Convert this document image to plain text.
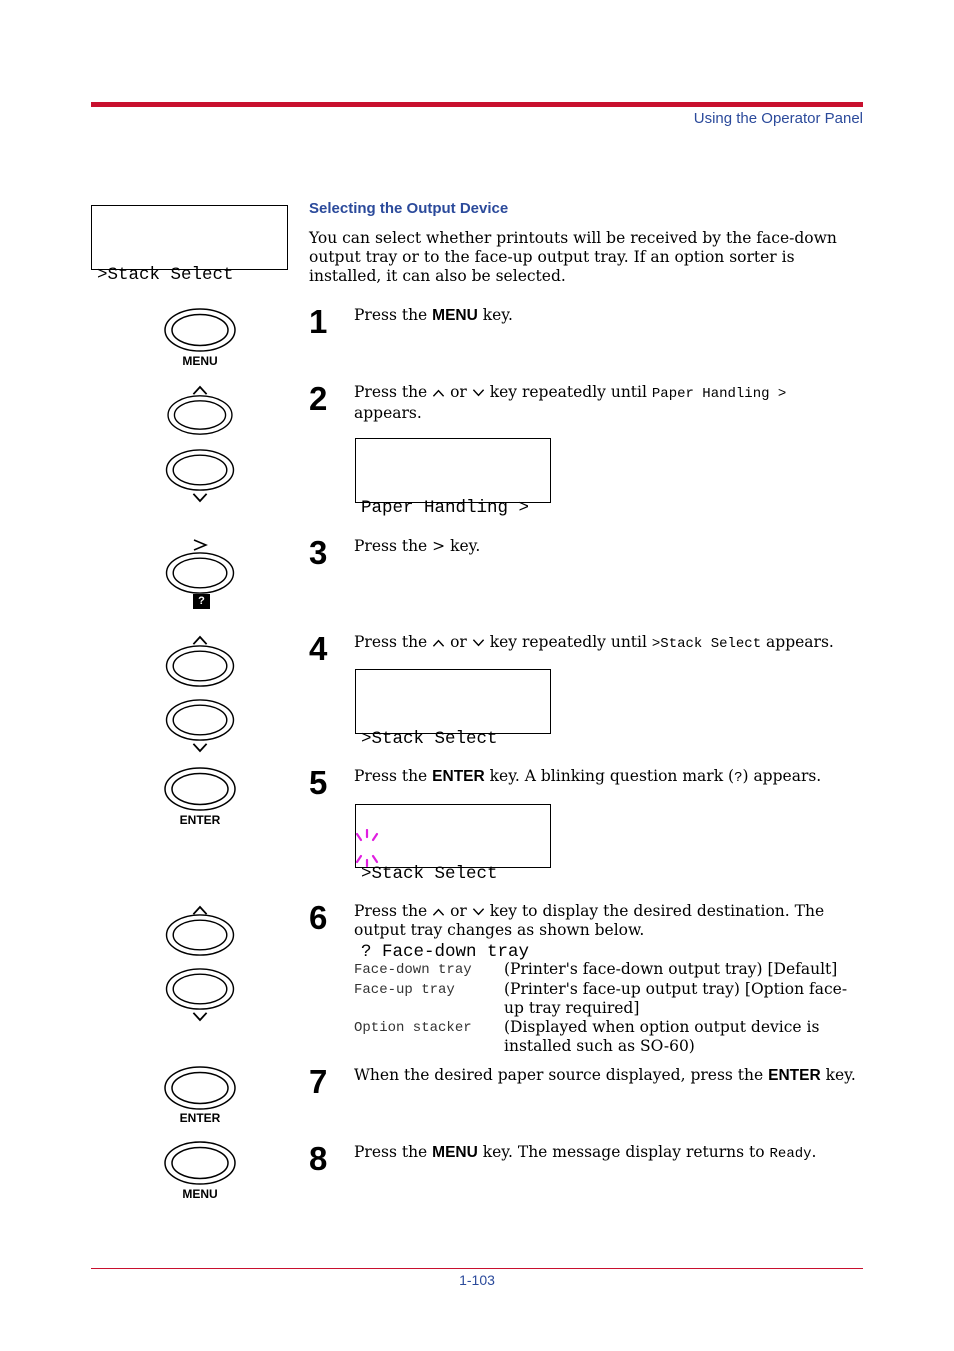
Using the Operator Panel
1-103

>Stack Select

Selecting the Output Device
You can select whether printouts will be received by the face-down output tray or to the face-up output tray. If an option sorter is installed, it can also be selected.
MENU
1 Press the MENU key.
2 Press the  or  key repeatedly until Paper Handling >
appears.

Paper Handling >

?
3 Press the > key.
4 Press the  or  key repeatedly until >Stack Select appears.

>Stack Select

ENTER
5 Press the ENTER key. A blinking question mark (?) appears.

>Stack Select

? Face-down tray

6 Press the  or  key to display the desired destination. The output tray changes as shown below.
Face-down tray	(Printer's face-down output tray) [Default]
Face-up tray	(Printer's face-up output tray) [Option face-up tray required]
Option stacker	(Displayed when option output device is installed such as SO-60)
ENTER
7 When the desired paper source displayed, press the ENTER key.
MENU
8 Press the MENU key. The message display returns to Ready.
